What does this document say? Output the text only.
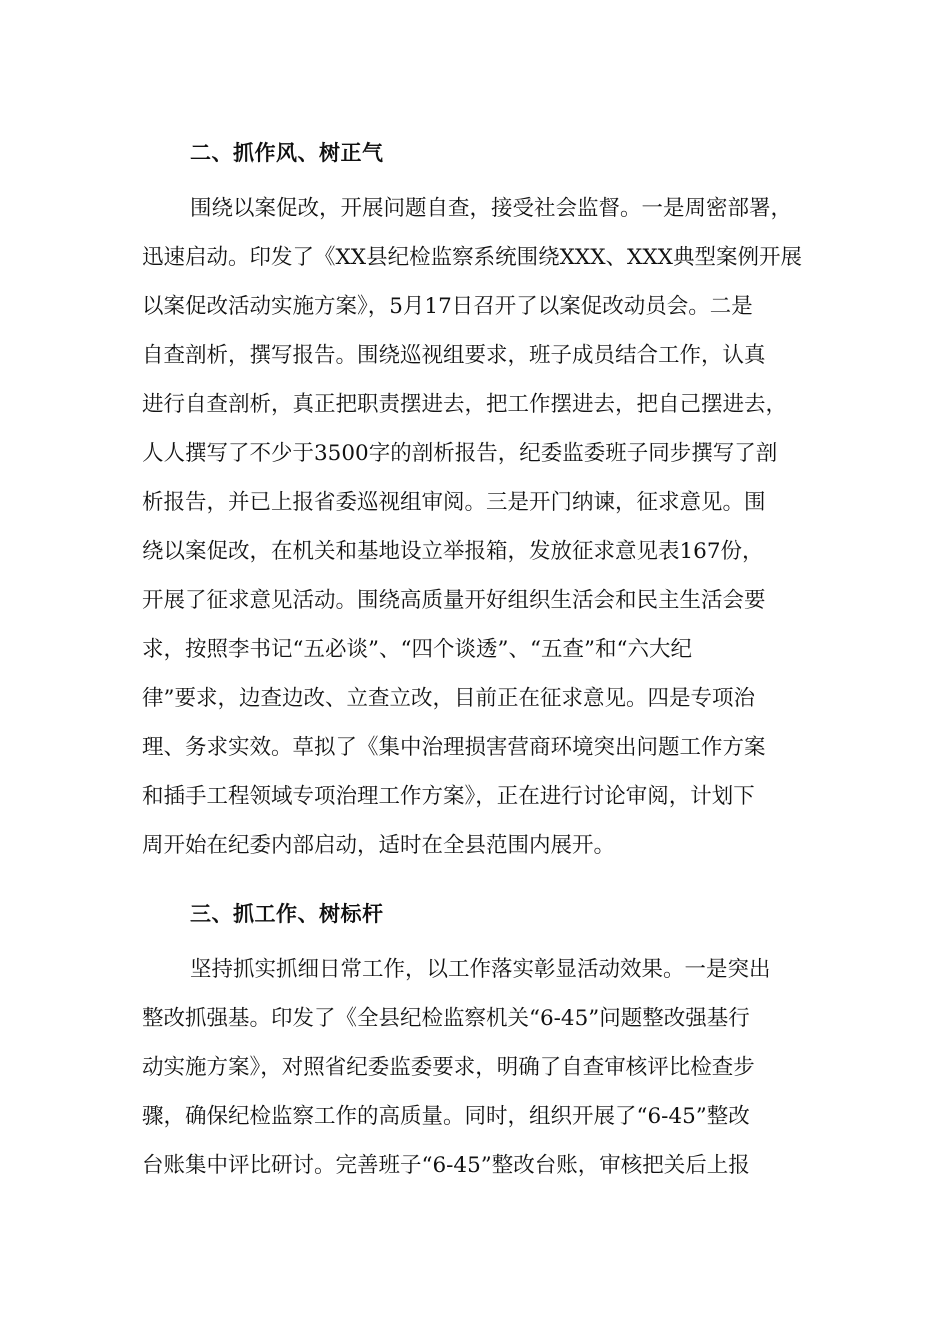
二、抓作风、树正气
围绕以案促改，开展问题自查，接受社会监督。一是周密部署，
迅速启动。印发了《XX县纪检监察系统围绕XXX、XXX典型案例开展
以案促改活动实施方案》，5月17日召开了以案促改动员会。二是
自查剖析，撰写报告。围绕巡视组要求，班子成员结合工作，认真
进行自查剖析，真正把职责摆进去，把工作摆进去，把自己摆进去，
人人撰写了不少于3500字的剖析报告，纪委监委班子同步撰写了剖
析报告，并已上报省委巡视组审阅。三是开门纳谏，征求意见。围
绕以案促改，在机关和基地设立举报箱，发放征求意见表167份，
开展了征求意见活动。围绕高质量开好组织生活会和民主生活会要
求，按照李书记“五必谈”、“四个谈透”、“五查”和“六大纪
律”要求，边查边改、立查立改，目前正在征求意见。四是专项治
理、务求实效。草拟了《集中治理损害营商环境突出问题工作方案
和插手工程领域专项治理工作方案》，正在进行讨论审阅，计划下
周开始在纪委内部启动，适时在全县范围内展开。
三、抓工作、树标杆
坚持抓实抓细日常工作，以工作落实彰显活动效果。一是突出
整改抓强基。印发了《全县纪检监察机关“6-45”问题整改强基行
动实施方案》，对照省纪委监委要求，明确了自查审核评比检查步
骤，确保纪检监察工作的高质量。同时，组织开展了“6-45”整改
台账集中评比研讨。完善班子“6-45”整改台账，审核把关后上报
